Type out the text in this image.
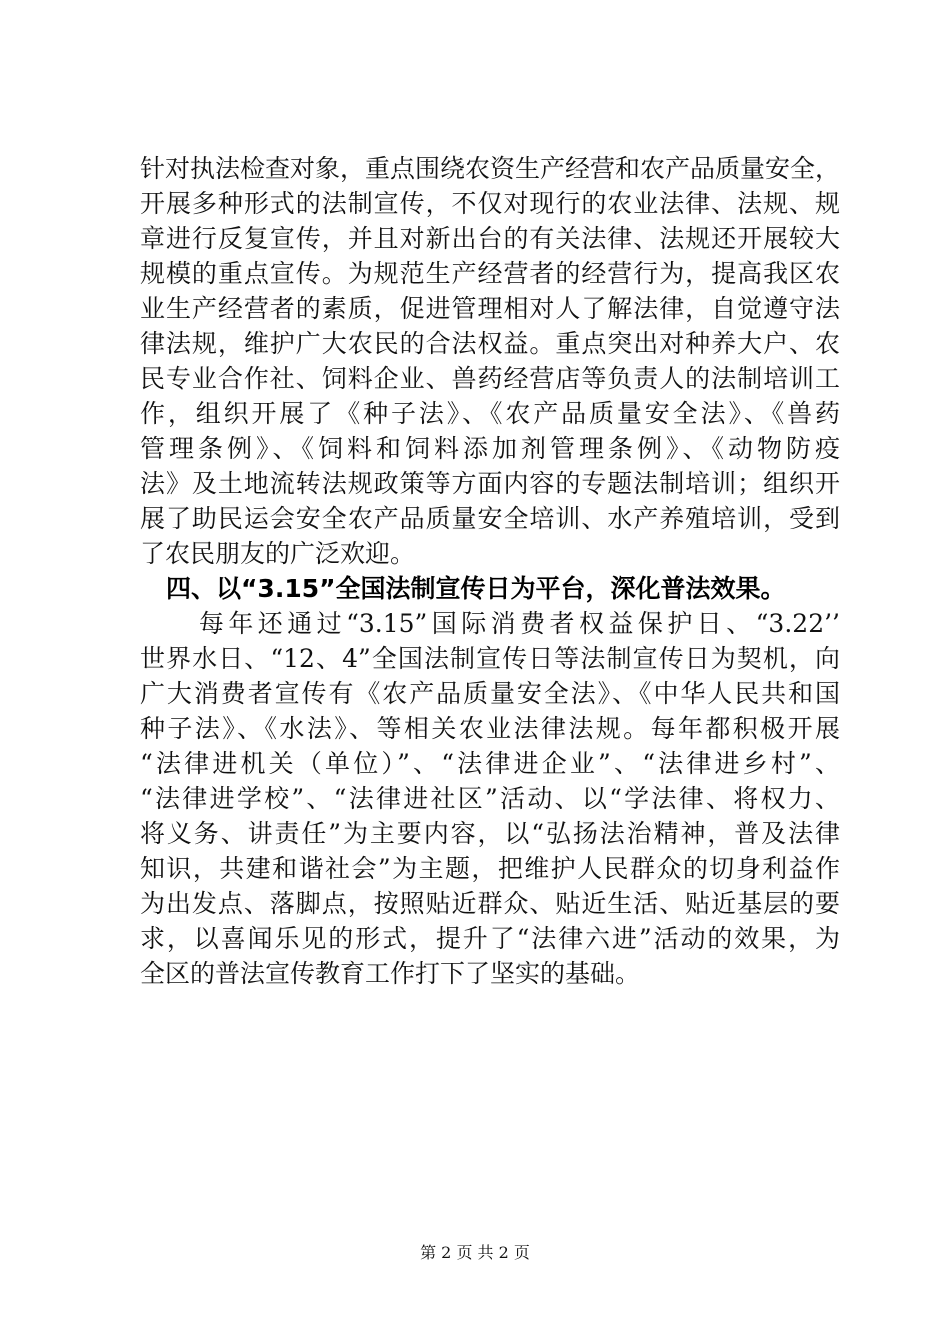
针对执法检查对象，重点围绕农资生产经营和农产品质量安全，
开展多种形式的法制宣传，不仅对现行的农业法律、法规、规
章进行反复宣传，并且对新出台的有关法律、法规还开展较大
规模的重点宣传。为规范生产经营者的经营行为，提高我区农
业生产经营者的素质，促进管理相对人了解法律，自觉遵守法
律法规，维护广大农民的合法权益。重点突出对种养大户、农
民专业合作社、饲料企业、兽药经营店等负责人的法制培训工
作，组织开展了《种子法》、《农产品质量安全法》、《兽药
管理条例》、《饲料和饲料添加剂管理条例》、《动物防疫
法》及土地流转法规政策等方面内容的专题法制培训；组织开
展了助民运会安全农产品质量安全培训、水产养殖培训，受到
了农民朋友的广泛欢迎。
四、以“3.15”全国法制宣传日为平台，深化普法效果。
　　每年还通过“3.15”国际消费者权益保护日、“3.22’’
世界水日、“12、4”全国法制宣传日等法制宣传日为契机，向
广大消费者宣传有《农产品质量安全法》、《中华人民共和国
种子法》、《水法》、等相关农业法律法规。每年都积极开展
“法律进机关（单位）”、“法律进企业”、“法律进乡村”、
“法律进学校”、“法律进社区”活动、以“学法律、将权力、
将义务、讲责任”为主要内容，以“弘扬法治精神，普及法律
知识，共建和谐社会”为主题，把维护人民群众的切身利益作
为出发点、落脚点，按照贴近群众、贴近生活、贴近基层的要
求，以喜闻乐见的形式，提升了“法律六进”活动的效果，为
全区的普法宣传教育工作打下了坚实的基础。
第 2 页 共 2 页
